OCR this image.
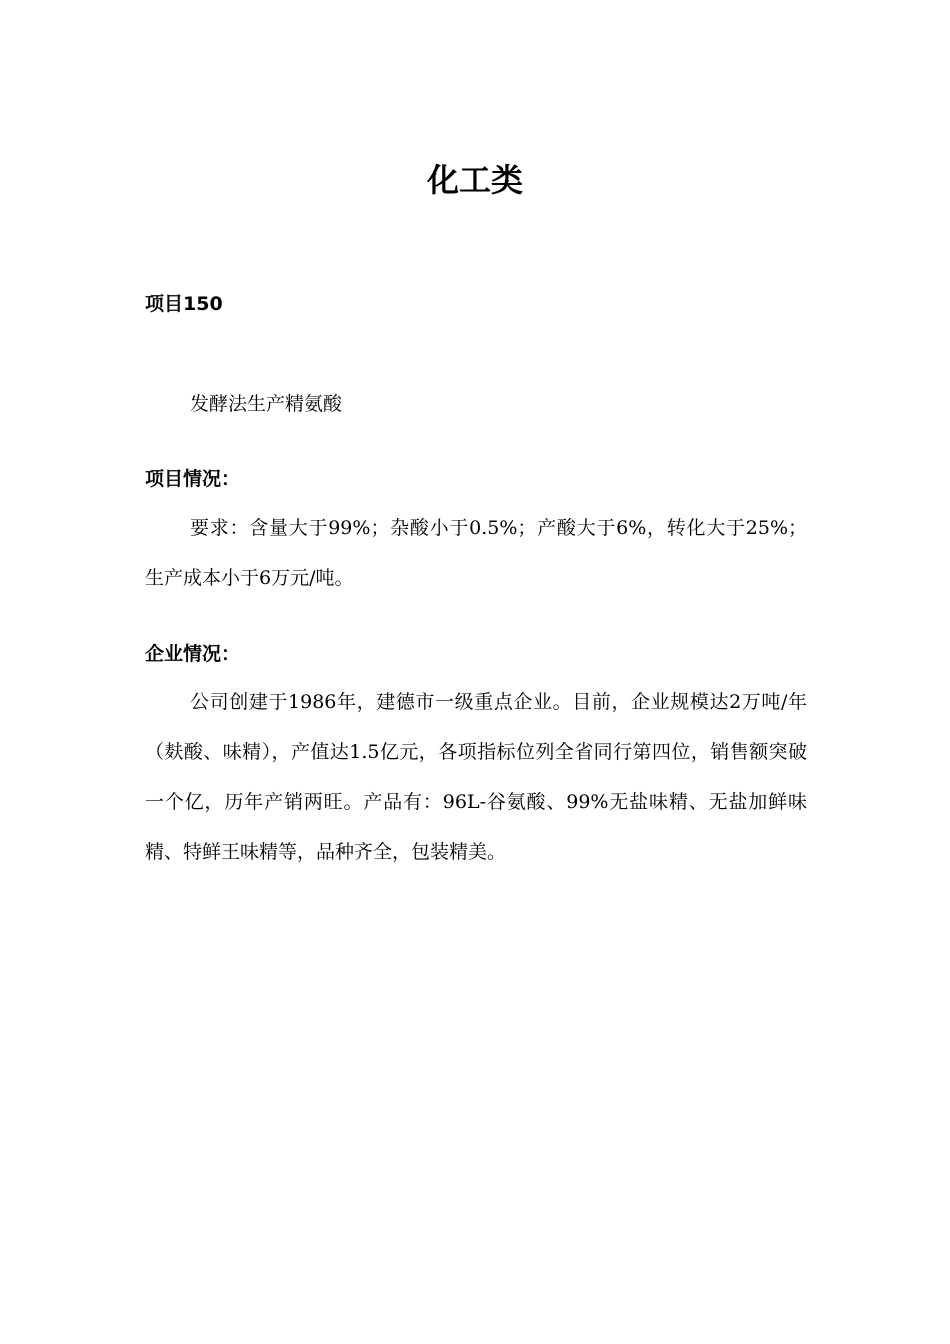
化工类
项目150
发酵法生产精氨酸
项目情况：

要求：含量大于99%；杂酸小于0.5%；产酸大于6%，转化大于25%；生产成本小于6万元/吨。

企业情况：

公司创建于1986年，建德市一级重点企业。目前，企业规模达2万吨/年（麸酸、味精），产值达1.5亿元，各项指标位列全省同行第四位，销售额突破一个亿，历年产销两旺。产品有：96L-谷氨酸、99%无盐味精、无盐加鲜味精、特鲜王味精等，品种齐全，包装精美。
